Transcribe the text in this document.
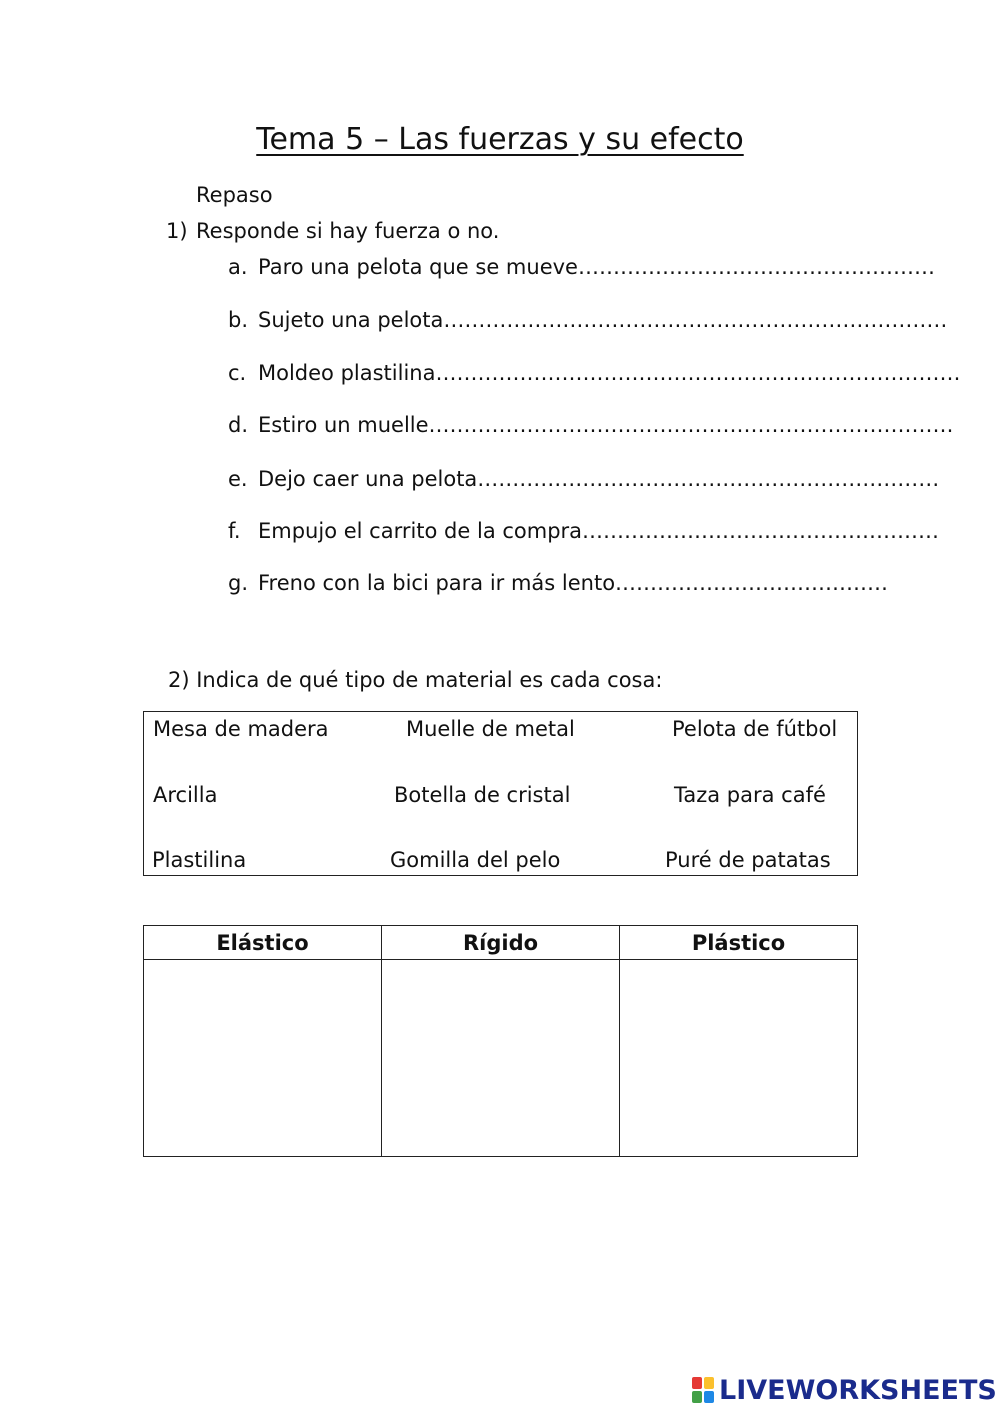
Tema 5 – Las fuerzas y su efecto
Repaso
1) Responde si hay fuerza o no.
a. Paro una pelota que se mueve……………………………………………
b. Sujeto una pelota………………………………………………………………
c. Moldeo plastilina…………………………………………………………………
d. Estiro un muelle…………………………………………………………………
e. Dejo caer una pelota…………………………………………………………
f. Empujo el carrito de la compra……………………………………………
g. Freno con la bici para ir más lento…………………………………
2) Indica de qué tipo de material es cada cosa:
Mesa de madera	Muelle de metal	Pelota de fútbol
Arcilla	Botella de cristal	Taza para café
Plastilina	Gomilla del pelo	Puré de patatas
Elástico	Rígido	Plástico

LIVEWORKSHEETS
